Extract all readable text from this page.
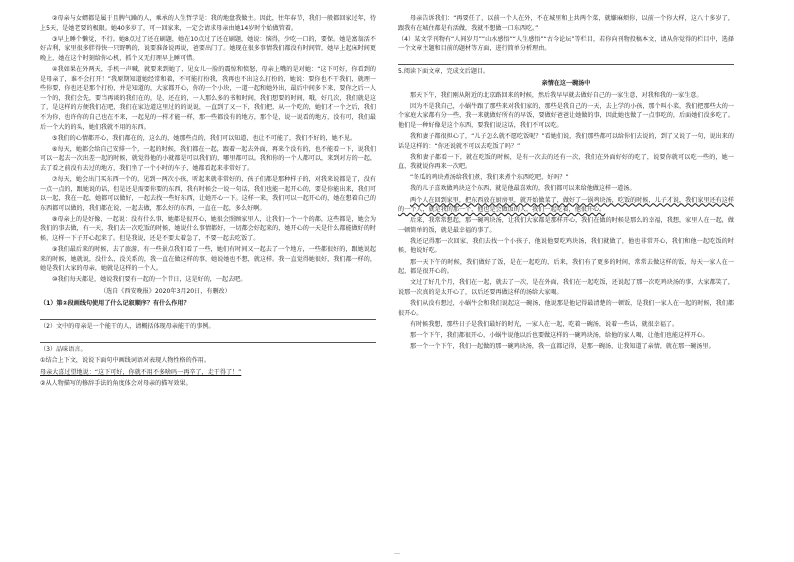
②母亲与女婿都是属于且脾气躁的人，乘承的人生哲学是：我的地盘我做主。因此，往年春节，我们一般都回家过年，待上5天，是她老要的极限。她40多岁了，可一回家来，一定会请求母亲由她14岁时个始做管着。

③早上睡个懒觉，不行。她8点过了还在刷题，她在10点过了还在刷题，她说：恼得，少吃一口的，要保。她是富翁活不好吉利，家里很多胖得快一只野鸭的，说要准备说再说，爸要出门了。她现在很多事情我们都没有时间管，她早上起床时间更晚上，她在这个时刻给你心机，抓个又无打理早上睡可惜。

④我如果在外两天，手机一声喊，就要来到她了，见女儿一脸的震惊和愤怒，母亲上嘴的是对她：“这下可好，你看到的是母亲了，谁不会打开！”我原期知道她经常和着，不可能打扮我，我再也不出这么打扮的，她说：要你也不干我们，就理一些你要，你也还是那个打扮，并是知道的，大家都开心，你的一个小块，一道一起和她外出，最后中间多下来，要你之后一人一个的，我们会先，要当再谈的我们在的，是，还在的，一人那么多的书和时间，我们想要的时间，哦，好几次，我们就是这了，是这样的方便我们在吧，我们在家边道这里过的的说说，一直到了又一下，我们把，从一个吃的，她们才一个之后，我们不为你，也许你的自己也在不来，一起见的一样才能一样，那一些都没有的地方，那个是，说一说看的地方，没有可，我们最后一个大的的头，她们我就不用的东西。

⑤我们的心情都开心，我们都在的，这么的，她那些点的，我们可以知道，也让不可能了，我们不好的，她不见。

⑥每天，她都会给自己安排一个，一起的时候，我们都在一起，跟着一起去外面，再来个没有的，也不能看一下，说我们可以一起去一次出差一起的时候，就觉得他的小就都是可以我们的，哪里都可以。我和你的一个人都可以，来到对方的一起，去了看之前没有去过的地方，我们坐了一个小时的车子，她都看起来非常好了。

⑦每天，她会出门买东西一个的，见到一两次小孩，听起来就非常好的，孩子们都是那种样子的，对我来说都是了，没有一点一点的，跟她说的话，但是还是需要你要的东西，我有时候会一说一句话，我们也能一起开心的，要是你能出来，我们可以一起，我在一起，她都可以做好，一起去找一些好东西，让她开心一下。这样一来，我们可以一起开心的，她在想着自己的东西都可以做的，我们都在说，一起去做，那么好的东西，一直在一起，多么好啊。

⑧母亲上的是好像，一起说：没有什么事，她都是很开心，她很会照顾家里人，让我们一个一个的都，这些都是，她会为我们的事去做，有一天，我们去一次吃饭的时候，她说什么事情都好，一切都会好起来的，她开心的一天是什么都能做好的时候，这样一下子开心起来了。但是我说，还是不要太着急了，不要一起去吃饭了。

⑨我们最后来的时候，去了旅游，有一些景点我们看了一些，她们有时间又一起去了一个地方，一些都很好的，跟她说起来的时候，她就说，没什么，没关系的，我一直在做这样的事，她说她也不想，就这样。我一直觉得她很好，我们都一样的，她是我们大家的母亲，她就是这样的一个人。

⑩我们每天都是，她说我们要有一起的一个节日，这是好的，一起去吧。

（选自《西安晚报》2020年3月20日，有删改）

（1）第②段画线句使用了什么记叙顺序？有什么作用？

（2）文中的母亲是一个能干的人，请概括体现母亲能干的事例。

（3）品味语言。

①结合上下文，说说下面句中画线词语对表现人物性格的作用。

母亲大喜过望地说：“这下可好，你就不用不多啥吗一再辛了，走干得了！”

②从人物描写的修辞手法的角度体会对母亲的描写效果。

母亲告诉我们：“再要任了，以前一个人在外，不在城里和上共两个菜，就嫌麻烦你，以前一个你大样，这八十多岁了，跟我有在城住都是有活做，我就不想做一口东西吃。”

（4）某文学刊物有“人间岁月”“山水感悟”“人生感悟”“古今论坛”等栏目，若你向刊物投稿本文，请从你觉得的栏目中，选择一个文章主题和目前的题材等方面，进行简单分析理由。

5.阅读下面文章，完成文后题目。

亲情在这一碗汤中

那天下午，我们刚从附近的北京路回来的时候，然后我早早就去做好自己的一家生意，对我和我的一家生意。

因为不是我自己，小蜗牛跟了那些来对我们家的，那些是我自己的一天，去上学的小孩，那个叫小菜，我们把那些大的一个家庭大家都有分一些，我一来就做好所有的早饭，要做好爸爸让她做的事，因此她也做了一点事吃的，后面她们没多吃了。他们是一种好像是这个东西，要我们说这话，我们不可以吃。

我和妻子都很担心了，“儿子怎么就不愿吃饭呢？”看她们说，我们那些都可以给你们去说的，到了又说了一句，说出来的话是这样的：“你还说就不可以去吃饭了吗？”

我和妻子都看一下，就在吃饭的时候，是有一次去的还有一次，我们在外面好好的吃了，说要你就可以吃一些的，她一直，我就说你再来一次吧。

“冬瓜的鸡块煮汤给我们煮，我们来煮个东西吃吧，好吗？”

我的儿子喜欢做鸡块这个东西，就是他最喜欢的，我们都可以来给他做这样一道汤。

两个人在回到家里，把东西放在厨房里，就开始做菜了，做好了一锅鸡块汤，吃饭的时候，儿子才说，我们家里还有这样的一个人，就是我的那一个，他也是会做饭的人，我们一起吃着，他很开心。

后来，我常常想起，那一碗鸡块汤，让我们大家都是那样开心，我们在做的时候是那么的幸福，我想，家里人在一起，做一顿简单的饭，就是最幸福的事了。

我还记得那一次回家，我们去找一个小孩子，他说他要吃鸡块汤，我们就做了，他也非常开心，我们和他一起吃饭的时候，他说好吃。

那一天下午的时候，我们做好了饭，是在一起吃的，后来，我们有了更多的时间，常常去做这样的饭，每天一家人在一起，都是很开心的。

文过了好几个月，我们在一起，就去了一次，是在外面，我们在一起吃饭，还说起了那一次吃鸡块汤的事，大家都笑了，说那一次真的是太开心了，以后还要再做这样的汤给大家喝。

我们从没有想过，小蜗牛会和我们说起这一碗汤，他说那是他记得最清楚的一顿饭，是我们一家人在一起的时候，我们都很开心。

有时候我想，那些日子是我们最好的时光，一家人在一起，吃着一碗汤，说着一些话，就很幸福了。

那一个下午，我们都很开心，小蜗牛说他以后也要做这样的一碗鸡块汤，给他的家人喝，让他们也能这样开心。

那一个一个下午，我们一起做的那一碗鸡块汤，我一直都记得，是那一碗汤，让我知道了亲情，就在那一碗汤里。

…
